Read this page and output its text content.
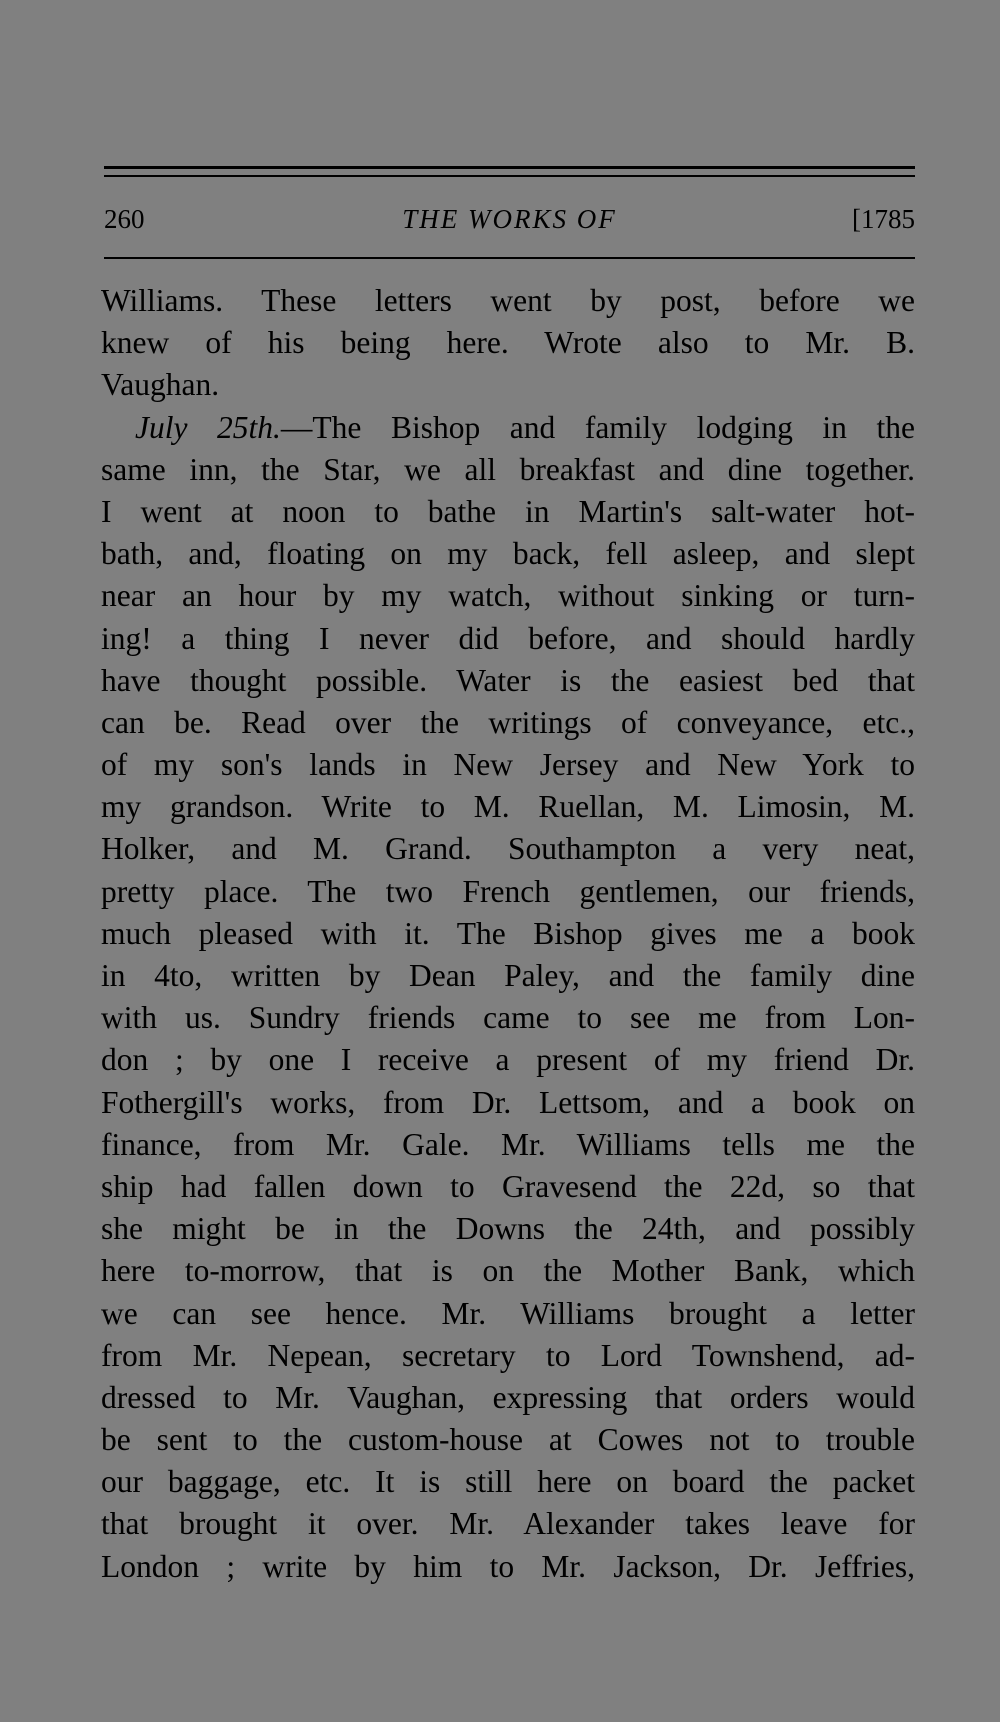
260	THE WORKS OF	[1785
Williams. These letters went by post, before we
knew of his being here. Wrote also to Mr. B.
Vaughan.
July 25th.—The Bishop and family lodging in the
same inn, the Star, we all breakfast and dine together.
I went at noon to bathe in Martin's salt-water hot-
bath, and, floating on my back, fell asleep, and slept
near an hour by my watch, without sinking or turn-
ing! a thing I never did before, and should hardly
have thought possible. Water is the easiest bed that
can be. Read over the writings of conveyance, etc.,
of my son's lands in New Jersey and New York to
my grandson. Write to M. Ruellan, M. Limosin, M.
Holker, and M. Grand. Southampton a very neat,
pretty place. The two French gentlemen, our friends,
much pleased with it. The Bishop gives me a book
in 4to, written by Dean Paley, and the family dine
with us. Sundry friends came to see me from Lon-
don ; by one I receive a present of my friend Dr.
Fothergill's works, from Dr. Lettsom, and a book on
finance, from Mr. Gale. Mr. Williams tells me the
ship had fallen down to Gravesend the 22d, so that
she might be in the Downs the 24th, and possibly
here to-morrow, that is on the Mother Bank, which
we can see hence. Mr. Williams brought a letter
from Mr. Nepean, secretary to Lord Townshend, ad-
dressed to Mr. Vaughan, expressing that orders would
be sent to the custom-house at Cowes not to trouble
our baggage, etc. It is still here on board the packet
that brought it over. Mr. Alexander takes leave for
London ; write by him to Mr. Jackson, Dr. Jeffries,
